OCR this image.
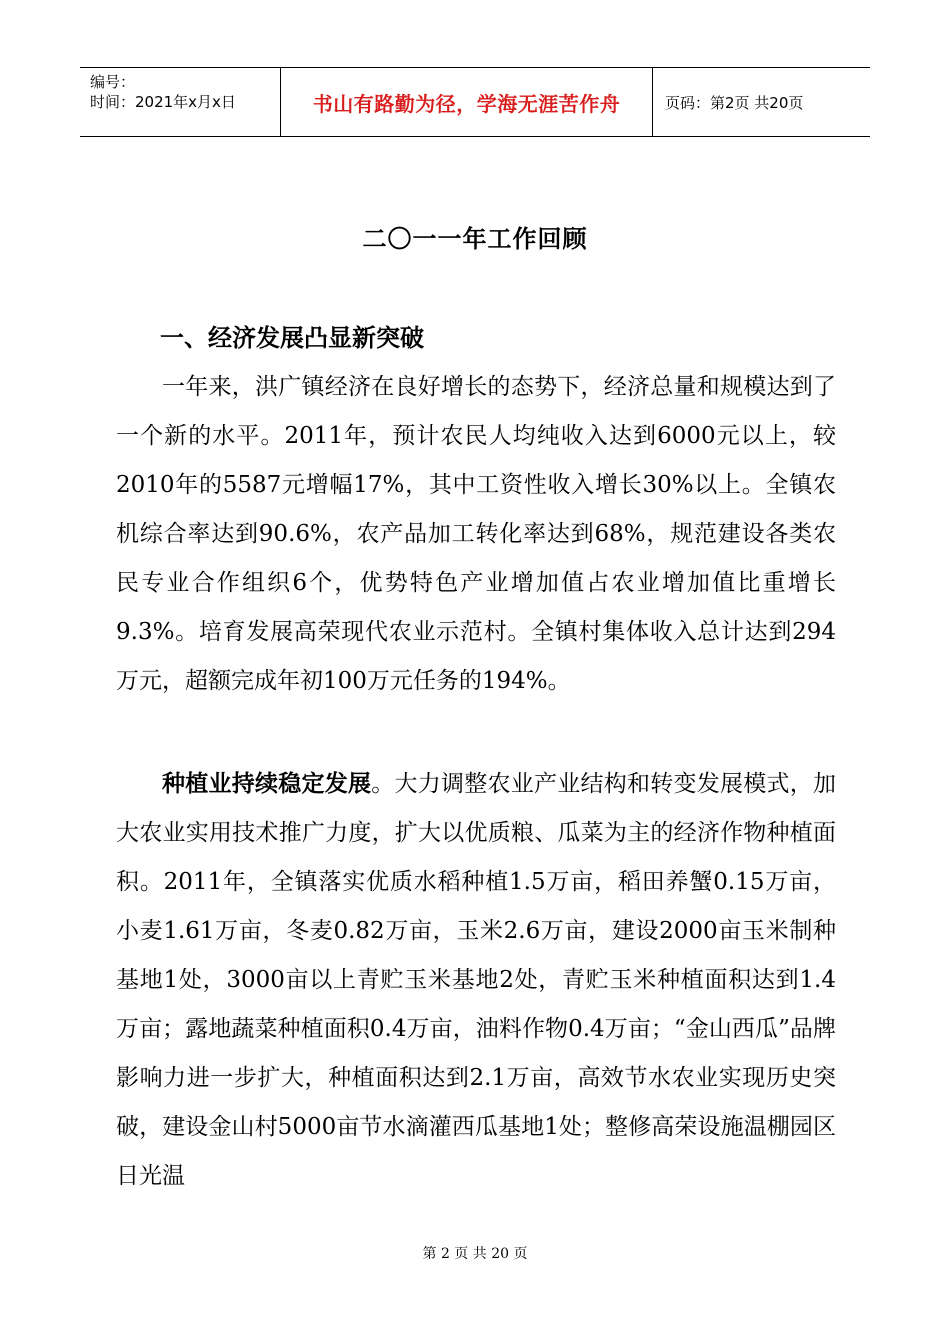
编号：
时间：2021年x月x日	书山有路勤为径，学海无涯苦作舟	页码：第2页 共20页
二〇一一年工作回顾
一、经济发展凸显新突破

一年来，洪广镇经济在良好增长的态势下，经济总量和规模达到了一个新的水平。2011年，预计农民人均纯收入达到6000元以上，较2010年的5587元增幅17%，其中工资性收入增长30%以上。全镇农机综合率达到90.6%，农产品加工转化率达到68%，规范建设各类农民专业合作组织6个，优势特色产业增加值占农业增加值比重增长9.3%。培育发展高荣现代农业示范村。全镇村集体收入总计达到294万元，超额完成年初100万元任务的194%。

种植业持续稳定发展。大力调整农业产业结构和转变发展模式，加大农业实用技术推广力度，扩大以优质粮、瓜菜为主的经济作物种植面积。2011年，全镇落实优质水稻种植1.5万亩，稻田养蟹0.15万亩，小麦1.61万亩，冬麦0.82万亩，玉米2.6万亩，建设2000亩玉米制种基地1处，3000亩以上青贮玉米基地2处，青贮玉米种植面积达到1.4万亩；露地蔬菜种植面积0.4万亩，油料作物0.4万亩；“金山西瓜”品牌影响力进一步扩大，种植面积达到2.1万亩，高效节水农业实现历史突破，建设金山村5000亩节水滴灌西瓜基地1处；整修高荣设施温棚园区日光温

第 2 页 共 20 页
